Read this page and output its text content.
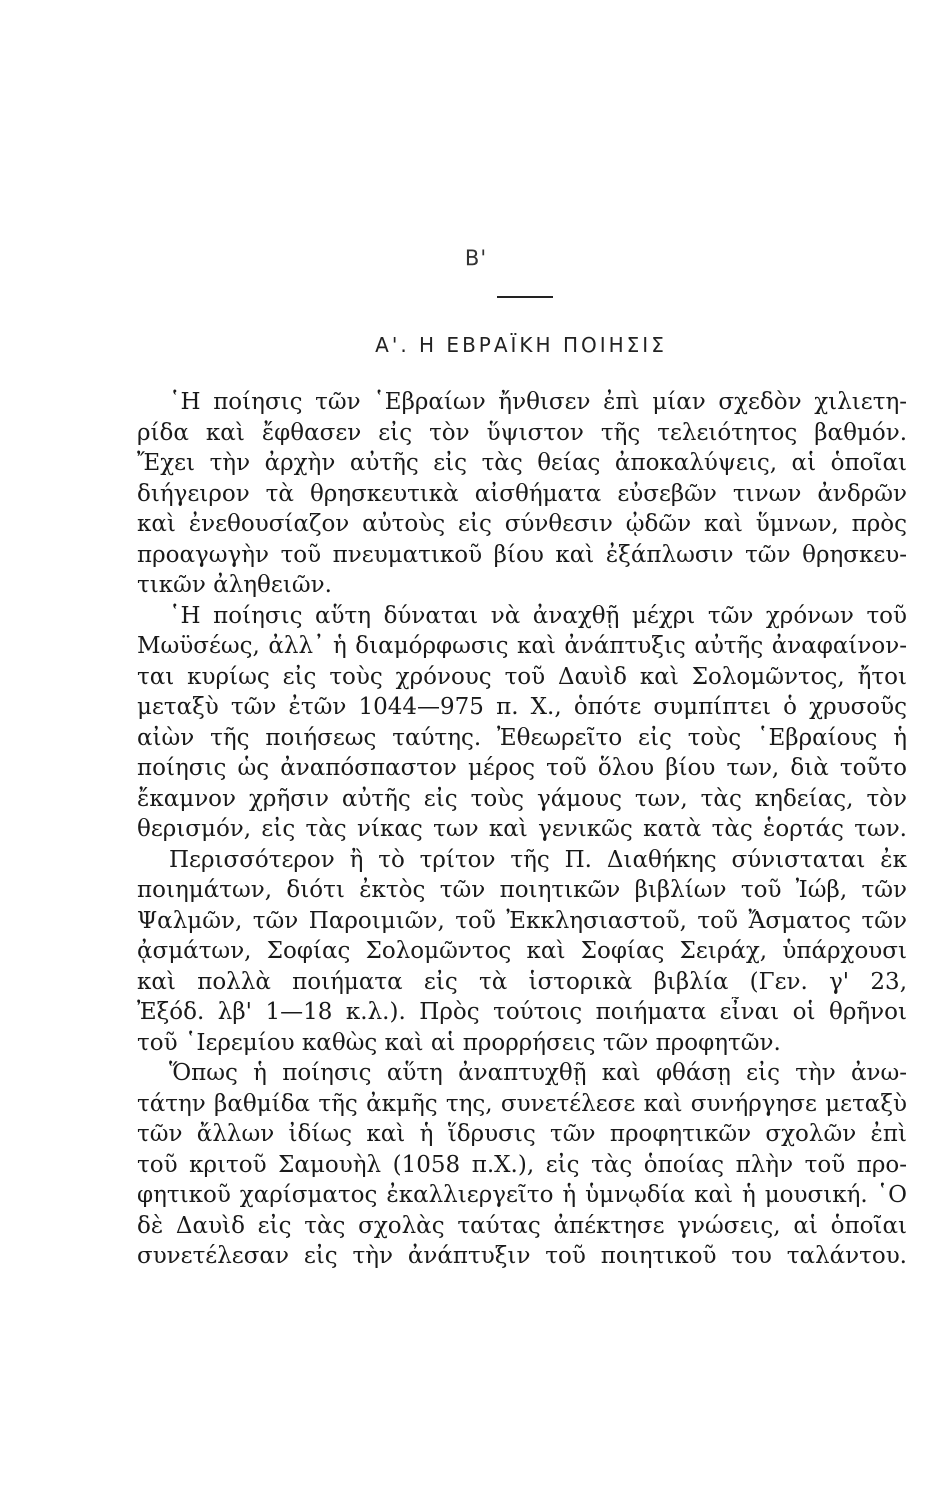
Β'
Α'. Η ΕΒΡΑΪΚΗ ΠΟΙΗΣΙΣ
῾Η ποίησις τῶν ῾Εβραίων ἤνθισεν ἐπὶ μίαν σχεδὸν χιλιετη-
ρίδα καὶ ἔφθασεν εἰς τὸν ὕψιστον τῆς τελειότητος βαθμόν.
Ἔχει τὴν ἀρχὴν αὐτῆς εἰς τὰς θείας ἀποκαλύψεις, αἱ ὁποῖαι
διήγειρον τὰ θρησκευτικὰ αἰσθήματα εὐσεβῶν τινων ἀνδρῶν
καὶ ἐνεθουσίαζον αὐτοὺς εἰς σύνθεσιν ᾠδῶν καὶ ὕμνων, πρὸς
προαγωγὴν τοῦ πνευματικοῦ βίου καὶ ἐξάπλωσιν τῶν θρησκευ-
τικῶν ἀληθειῶν.
῾Η ποίησις αὕτη δύναται νὰ ἀναχθῇ μέχρι τῶν χρόνων τοῦ
Μωϋσέως, ἀλλ᾽ ἡ διαμόρφωσις καὶ ἀνάπτυξις αὐτῆς ἀναφαίνον-
ται κυρίως εἰς τοὺς χρόνους τοῦ Δαυὶδ καὶ Σολομῶντος, ἤτοι
μεταξὺ τῶν ἐτῶν 1044—975 π. Χ., ὁπότε συμπίπτει ὁ χρυσοῦς
αἰὼν τῆς ποιήσεως ταύτης. Ἐθεωρεῖτο εἰς τοὺς ῾Εβραίους ἡ
ποίησις ὡς ἀναπόσπαστον μέρος τοῦ ὅλου βίου των, διὰ τοῦτο
ἔκαμνον χρῆσιν αὐτῆς εἰς τοὺς γάμους των, τὰς κηδείας, τὸν
θερισμόν, εἰς τὰς νίκας των καὶ γενικῶς κατὰ τὰς ἑορτάς των.
Περισσότερον ἢ τὸ τρίτον τῆς Π. Διαθήκης σύνισταται ἐκ
ποιημάτων, διότι ἐκτὸς τῶν ποιητικῶν βιβλίων τοῦ Ἰώβ, τῶν
Ψαλμῶν, τῶν Παροιμιῶν, τοῦ Ἐκκλησιαστοῦ, τοῦ Ἄσματος τῶν
ᾀσμάτων, Σοφίας Σολομῶντος καὶ Σοφίας Σειράχ, ὑπάρχουσι
καὶ πολλὰ ποιήματα εἰς τὰ ἱστορικὰ βιβλία (Γεν. γ' 23,
Ἐξόδ. λβ' 1—18 κ.λ.). Πρὸς τούτοις ποιήματα εἶναι οἱ θρῆνοι
τοῦ ῾Ιερεμίου καθὼς καὶ αἱ προρρήσεις τῶν προφητῶν.
Ὅπως ἡ ποίησις αὕτη ἀναπτυχθῇ καὶ φθάσῃ εἰς τὴν ἀνω-
τάτην βαθμίδα τῆς ἀκμῆς της, συνετέλεσε καὶ συνήργησε μεταξὺ
τῶν ἄλλων ἰδίως καὶ ἡ ἵδρυσις τῶν προφητικῶν σχολῶν ἐπὶ
τοῦ κριτοῦ Σαμουὴλ (1058 π.Χ.), εἰς τὰς ὁποίας πλὴν τοῦ προ-
φητικοῦ χαρίσματος ἐκαλλιεργεῖτο ἡ ὑμνῳδία καὶ ἡ μουσική. ῾Ο
δὲ Δαυὶδ εἰς τὰς σχολὰς ταύτας ἀπέκτησε γνώσεις, αἱ ὁποῖαι
συνετέλεσαν εἰς τὴν ἀνάπτυξιν τοῦ ποιητικοῦ του ταλάντου.
